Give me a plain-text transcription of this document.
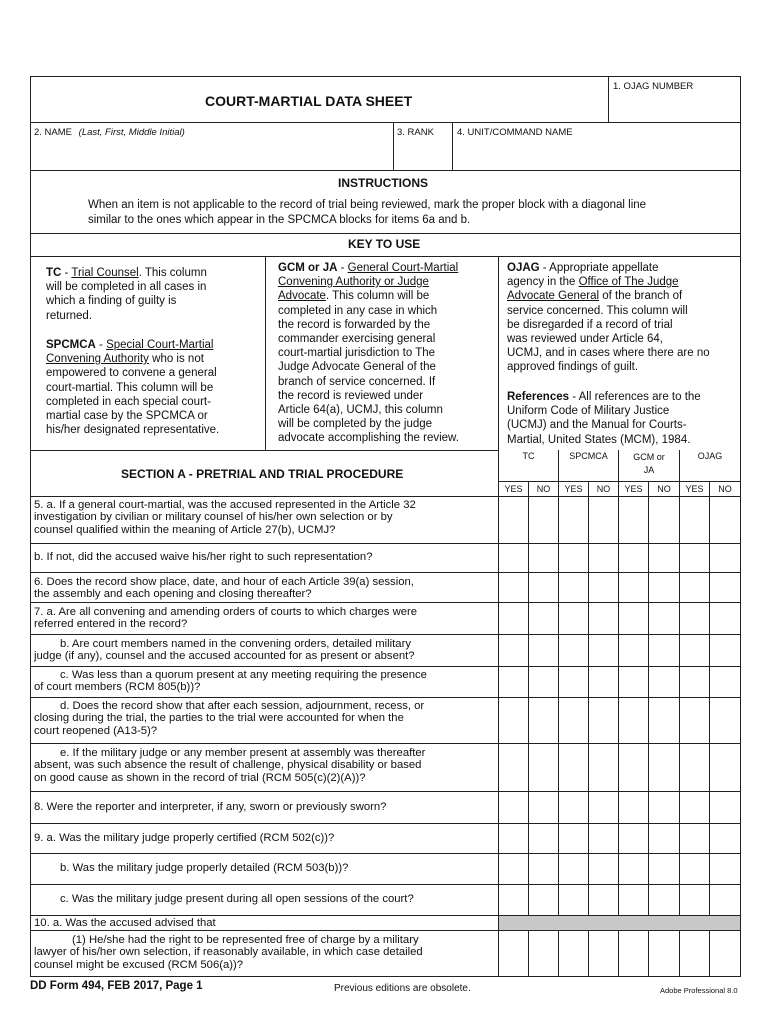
COURT-MARTIAL DATA SHEET
1. OJAG NUMBER
2. NAME (Last, First, Middle Initial)	3. RANK 4. UNIT/COMMAND NAME
INSTRUCTIONS
When an item is not applicable to the record of trial being reviewed, mark the proper block with a diagonal line
similar to the ones which appear in the SPCMCA blocks for items 6a and b.
KEY TO USE
TC - Trial Counsel. This column
will be completed in all cases in
which a finding of guilty is
returned.
SPCMCA - Special Court-Martial
Convening Authority who is not
empowered to convene a general
court-martial. This column will be
completed in each special court-
martial case by the SPCMCA or
his/her designated representative.
GCM or JA - General Court-Martial
Convening Authority or Judge
Advocate. This column will be
completed in any case in which
the record is forwarded by the
commander exercising general
court-martial jurisdiction to The
Judge Advocate General of the
branch of service concerned. If
the record is reviewed under
Article 64(a), UCMJ, this column
will be completed by the judge
advocate accomplishing the review.
OJAG - Appropriate appellate
agency in the Office of The Judge
Advocate General of the branch of
service concerned. This column will
be disregarded if a record of trial
was reviewed under Article 64,
UCMJ, and in cases where there are no
approved findings of guilt.
References - All references are to the
Uniform Code of Military Justice
(UCMJ) and the Manual for Courts-
Martial, United States (MCM), 1984.
TC	SPCMCA	GCM or
JA
OJAG
YES	NO	YES	NO	YES	NO	YES	NO
SECTION A - PRETRIAL AND TRIAL PROCEDURE
5. a. If a general court-martial, was the accused represented in the Article 32
investigation by civilian or military counsel of his/her own selection or by
counsel qualified within the meaning of Article 27(b), UCMJ?
b. If not, did the accused waive his/her right to such representation?
6. Does the record show place, date, and hour of each Article 39(a) session,
the assembly and each opening and closing thereafter?
7. a. Are all convening and amending orders of courts to which charges were
referred entered in the record?
b. Are court members named in the convening orders, detailed military
judge (if any), counsel and the accused accounted for as present or absent?
c. Was less than a quorum present at any meeting requiring the presence
of court members (RCM 805(b))?
d. Does the record show that after each session, adjournment, recess, or
closing during the trial, the parties to the trial were accounted for when the
court reopened (A13-5)?
e. If the military judge or any member present at assembly was thereafter
absent, was such absence the result of challenge, physical disability or based
on good cause as shown in the record of trial (RCM 505(c)(2)(A))?
8. Were the reporter and interpreter, if any, sworn or previously sworn?
9. a. Was the military judge properly certified (RCM 502(c))?
b. Was the military judge properly detailed (RCM 503(b))?
c. Was the military judge present during all open sessions of the court?
10. a. Was the accused advised that
(1) He/she had the right to be represented free of charge by a military
lawyer of his/her own selection, if reasonably available, in which case detailed
counsel might be excused (RCM 506(a))?
DD Form 494, FEB 2017, Page 1	Previous editions are obsolete.	Adobe Professional 8.0
